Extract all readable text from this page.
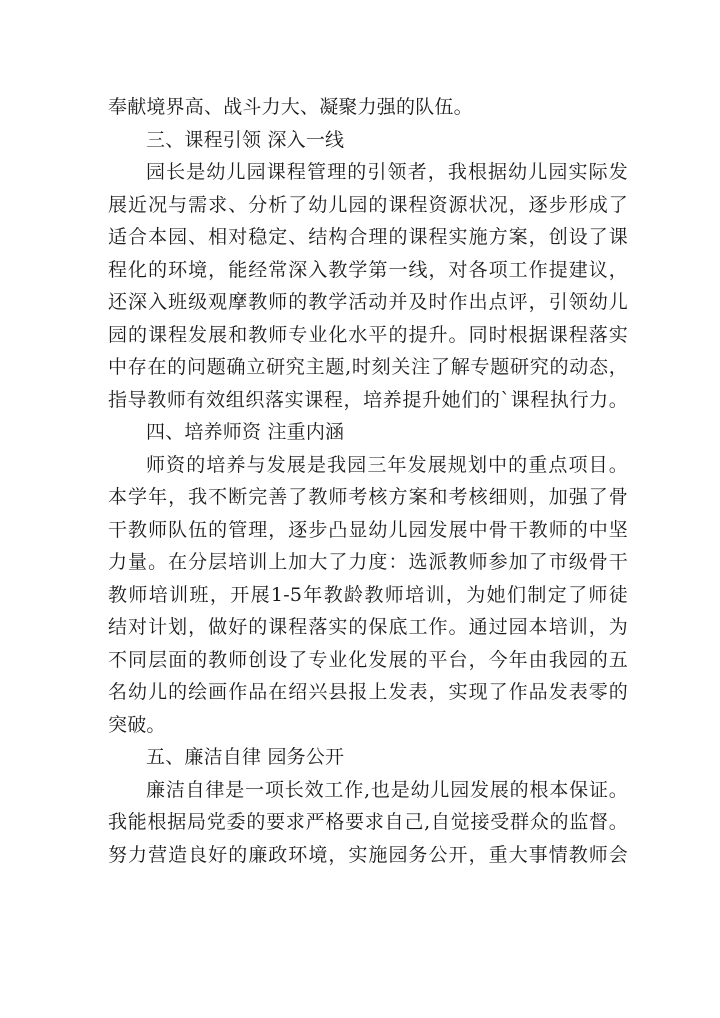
奉献境界高、战斗力大、凝聚力强的队伍。
三、课程引领 深入一线
园长是幼儿园课程管理的引领者，我根据幼儿园实际发
展近况与需求、分析了幼儿园的课程资源状况，逐步形成了
适合本园、相对稳定、结构合理的课程实施方案，创设了课
程化的环境，能经常深入教学第一线，对各项工作提建议，
还深入班级观摩教师的教学活动并及时作出点评，引领幼儿
园的课程发展和教师专业化水平的提升。同时根据课程落实
中存在的问题确立研究主题,时刻关注了解专题研究的动态，
指导教师有效组织落实课程，培养提升她们的`课程执行力。
四、培养师资 注重内涵
师资的培养与发展是我园三年发展规划中的重点项目。
本学年，我不断完善了教师考核方案和考核细则，加强了骨
干教师队伍的管理，逐步凸显幼儿园发展中骨干教师的中坚
力量。在分层培训上加大了力度：选派教师参加了市级骨干
教师培训班，开展1-5年教龄教师培训，为她们制定了师徒
结对计划，做好的课程落实的保底工作。通过园本培训，为
不同层面的教师创设了专业化发展的平台，今年由我园的五
名幼儿的绘画作品在绍兴县报上发表，实现了作品发表零的
突破。
五、廉洁自律 园务公开
廉洁自律是一项长效工作,也是幼儿园发展的根本保证。
我能根据局党委的要求严格要求自己,自觉接受群众的监督。
努力营造良好的廉政环境，实施园务公开，重大事情教师会
